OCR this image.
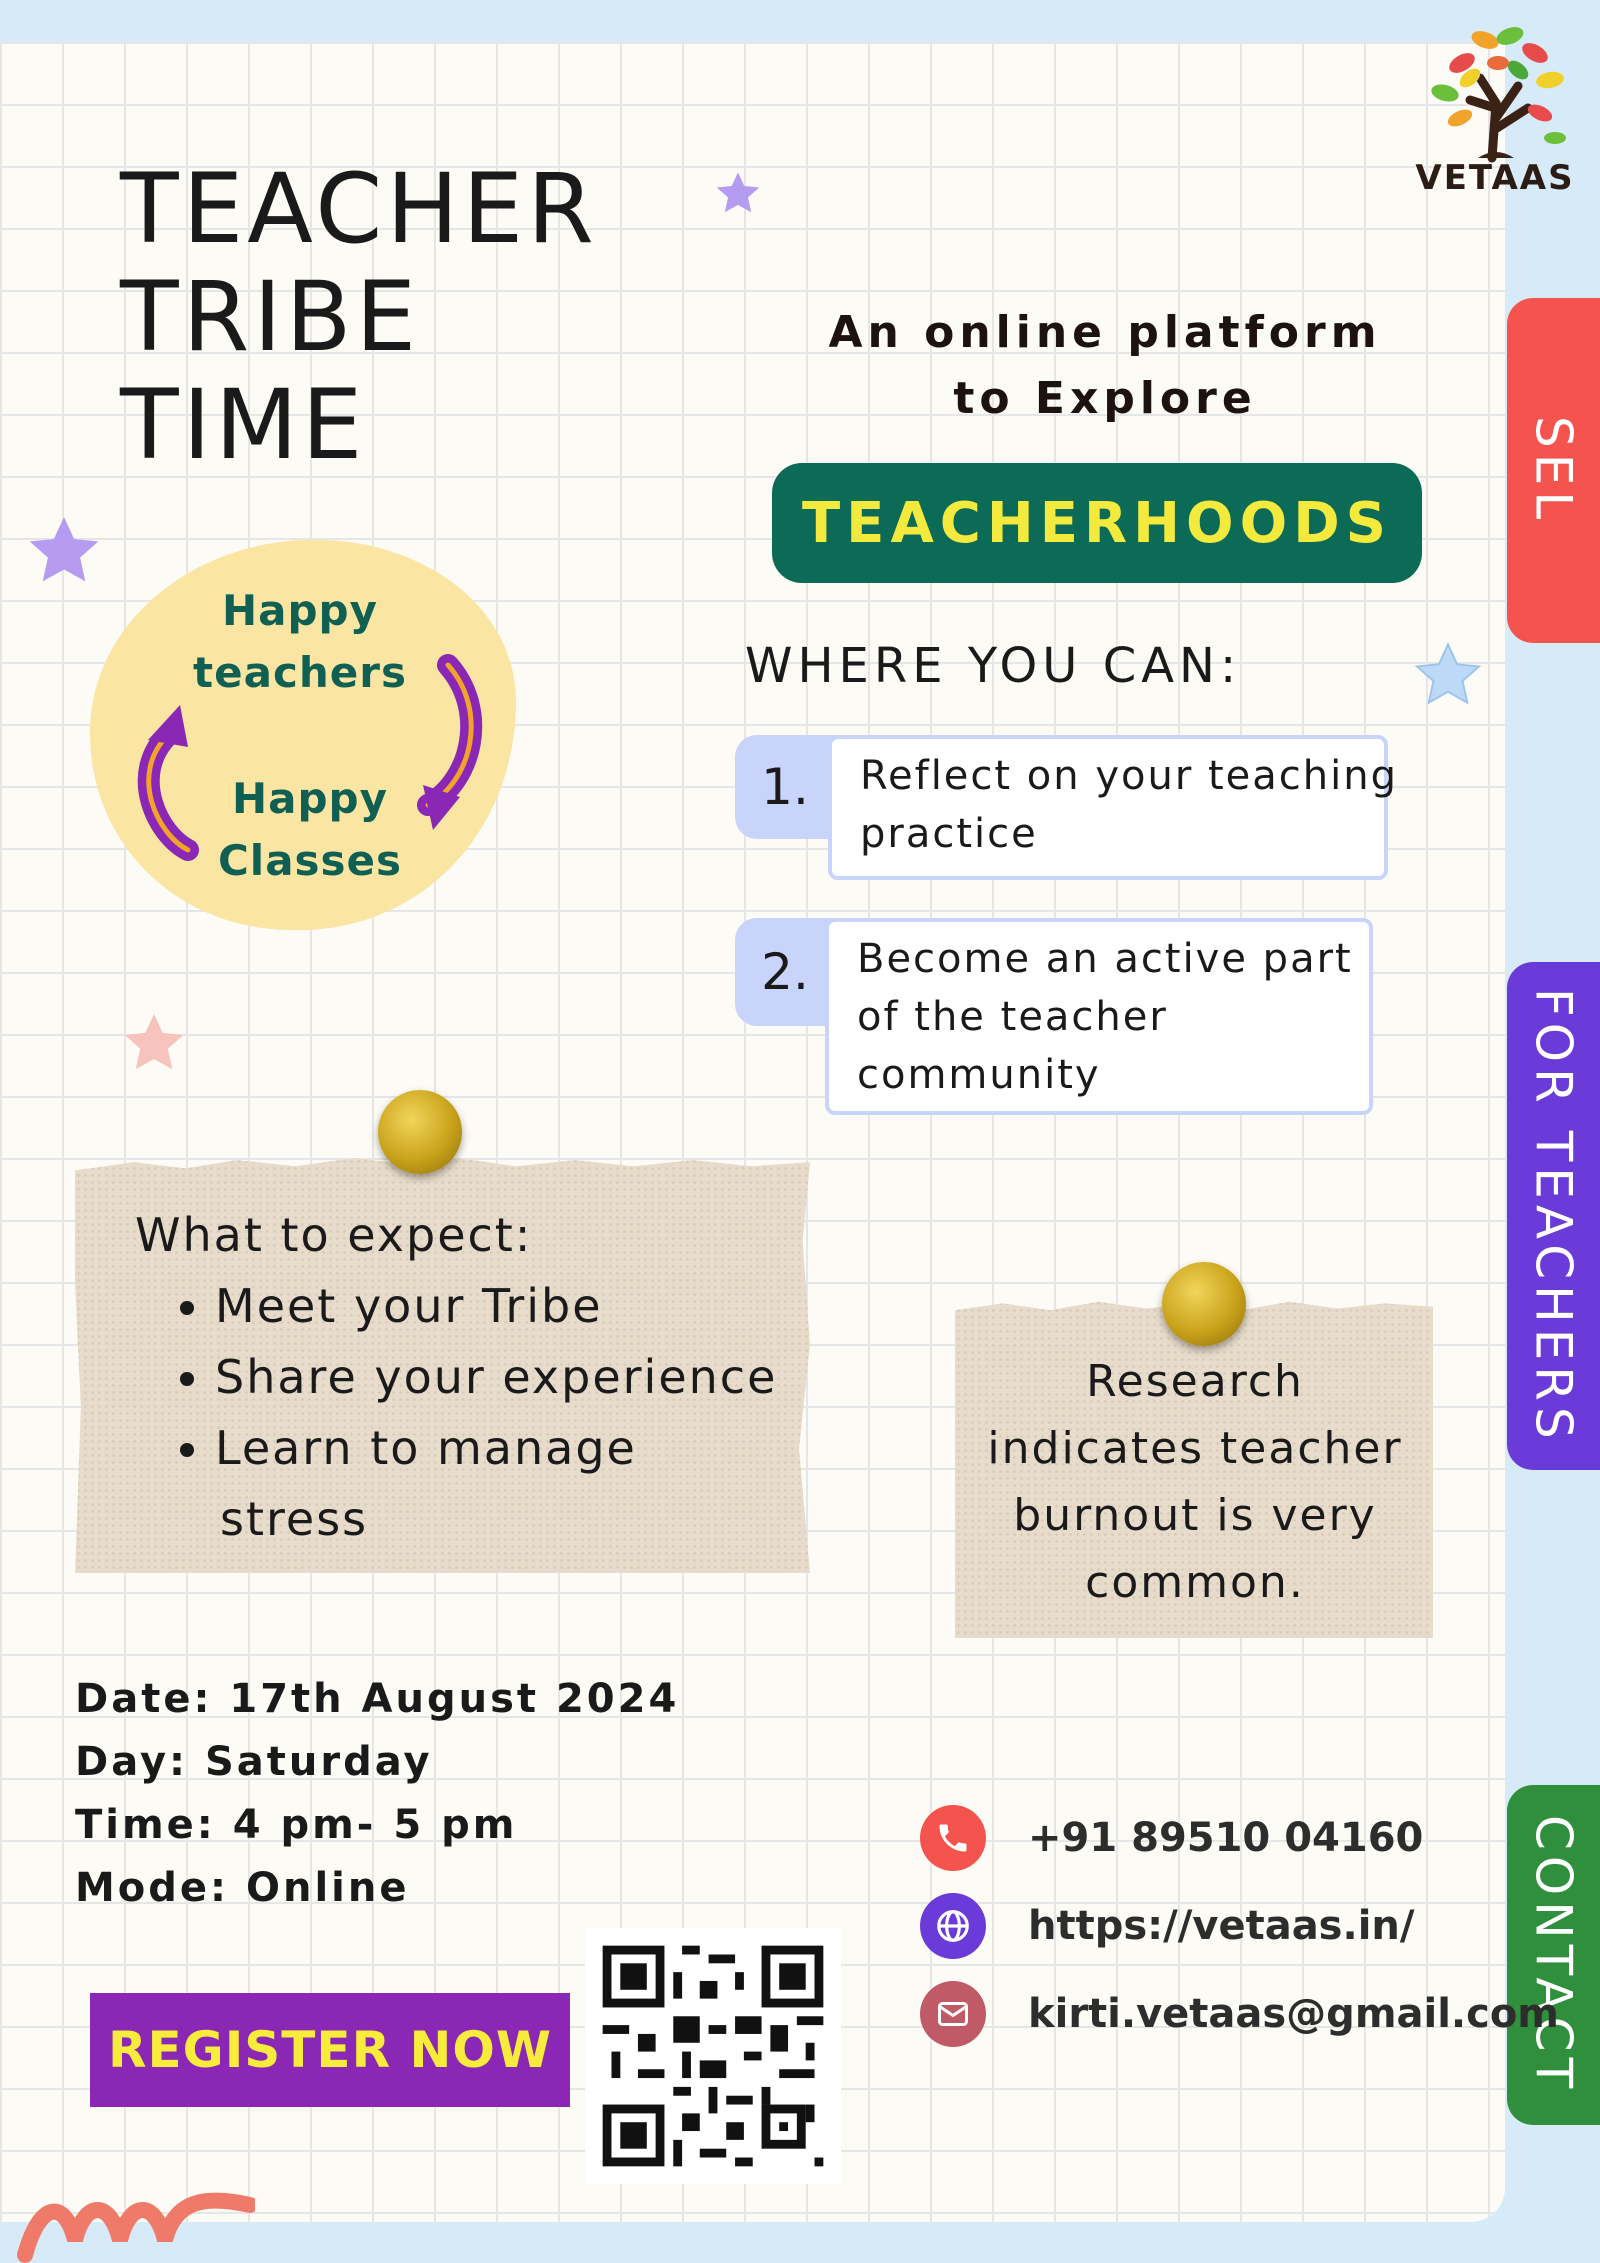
TEACHER
TRIBE
TIME
VETAAS
An online platform
to Explore
TEACHERHOODS
WHERE YOU CAN:
1.	Reflect on your teaching
practice
2.	Become an active part
of the teacher
community
Happy
teachers
Happy
Classes
SEL
FOR TEACHERS
CONTACT
What to expect:
• Meet your Tribe
• Share your experience
• Learn to manage
stress
Research
indicates teacher
burnout is very
common.
Date: 17th August 2024
Day: Saturday
Time: 4 pm- 5 pm
Mode: Online
REGISTER NOW
+91 89510 04160
https://vetaas.in/
kirti.vetaas@gmail.com
